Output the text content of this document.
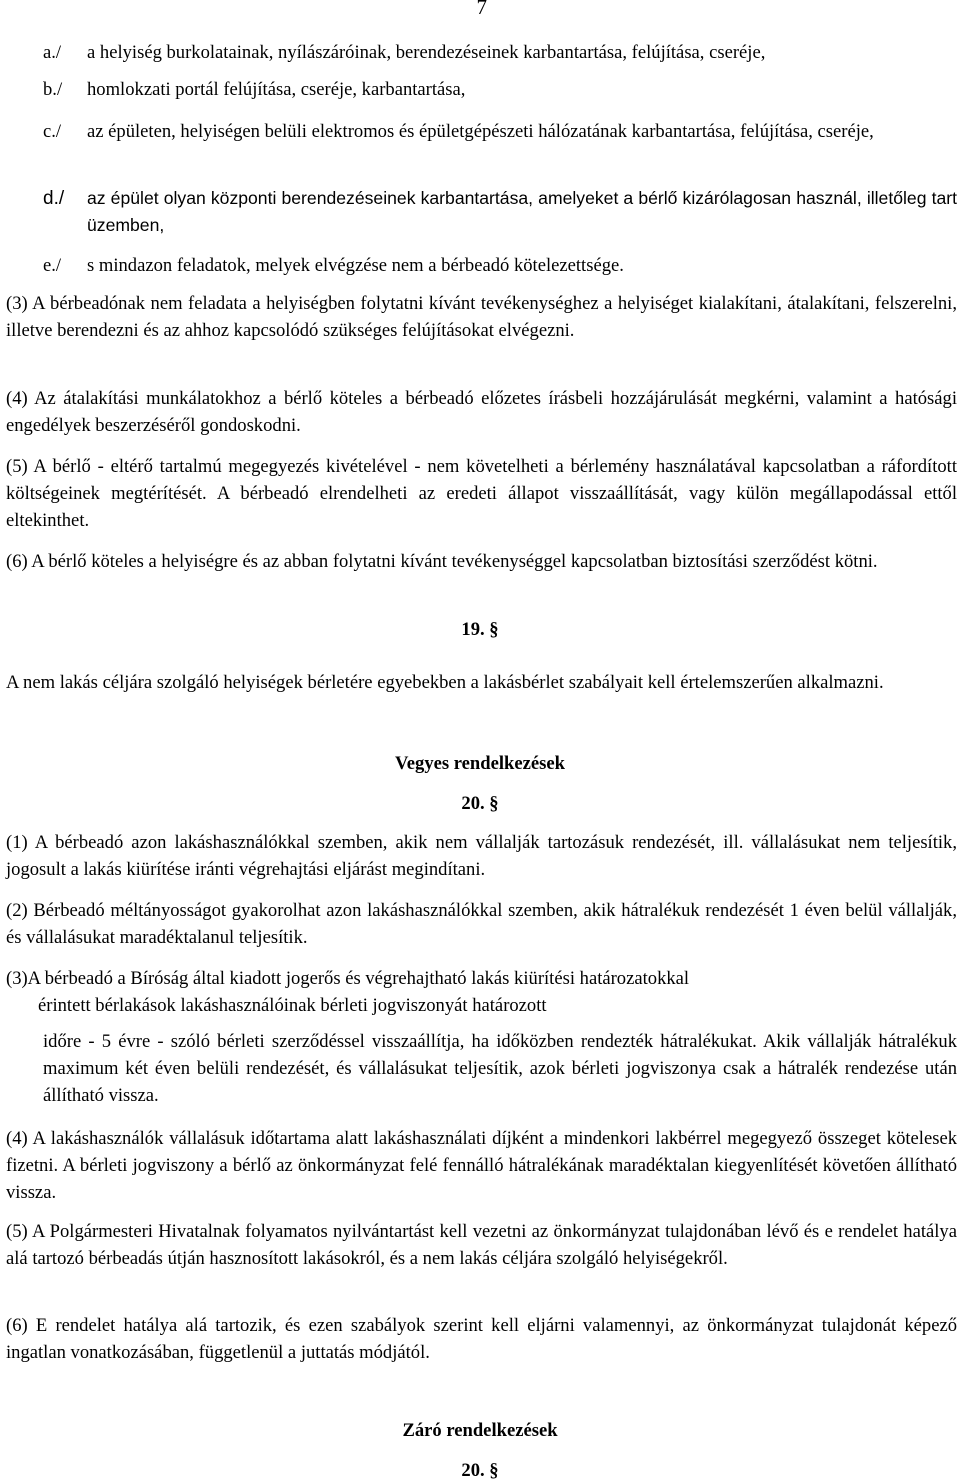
7
a./ a helyiség burkolatainak, nyílászáróinak, berendezéseinek karbantartása, felújítása, cseréje,
b./ homlokzati portál felújítása, cseréje, karbantartása,
c./ az épületen, helyiségen belüli elektromos és épületgépészeti hálózatának karbantartása, felújítása, cseréje,
d./ az épület olyan központi berendezéseinek karbantartása, amelyeket a bérlő kizárólagosan használ, illetőleg tart üzemben,
e./ s mindazon feladatok, melyek elvégzése nem a bérbeadó kötelezettsége.
(3) A bérbeadónak nem feladata a helyiségben folytatni kívánt tevékenységhez a helyiséget kialakítani, átalakítani, felszerelni, illetve berendezni és az ahhoz kapcsolódó szükséges felújításokat elvégezni.
(4) Az átalakítási munkálatokhoz a bérlő köteles a bérbeadó előzetes írásbeli hozzájárulását megkérni, valamint a hatósági engedélyek beszerzéséről gondoskodni.
(5) A bérlő - eltérő tartalmú megegyezés kivételével - nem követelheti a bérlemény használatával kapcsolatban a ráfordított költségeinek megtérítését. A bérbeadó elrendelheti az eredeti állapot visszaállítását, vagy külön megállapodással ettől eltekinthet.
(6) A bérlő köteles a helyiségre és az abban folytatni kívánt tevékenységgel kapcsolatban biztosítási szerződést kötni.
19. §
A nem lakás céljára szolgáló helyiségek bérletére egyebekben a lakásbérlet szabályait kell értelemszerűen alkalmazni.
Vegyes rendelkezések
20. §
(1) A bérbeadó azon lakáshasználókkal szemben, akik nem vállalják tartozásuk rendezését, ill. vállalásukat nem teljesítik, jogosult a lakás kiürítése iránti végrehajtási eljárást megindítani.
(2) Bérbeadó méltányosságot gyakorolhat azon lakáshasználókkal szemben, akik hátralékuk rendezését 1 éven belül vállalják, és vállalásukat maradéktalanul teljesítik.
(3)A bérbeadó a Bíróság által kiadott jogerős és végrehajtható lakás kiürítési határozatokkal
érintett bérlakások lakáshasználóinak bérleti jogviszonyát határozott
időre - 5 évre - szóló bérleti szerződéssel visszaállítja, ha időközben rendezték hátralékukat. Akik vállalják hátralékuk maximum két éven belüli rendezését, és vállalásukat teljesítik, azok bérleti jogviszonya csak a hátralék rendezése után állítható vissza.
(4) A lakáshasználók vállalásuk időtartama alatt lakáshasználati díjként a mindenkori lakbérrel megegyező összeget kötelesek fizetni. A bérleti jogviszony a bérlő az önkormányzat felé fennálló hátralékának maradéktalan kiegyenlítését követően állítható vissza.
(5) A Polgármesteri Hivatalnak folyamatos nyilvántartást kell vezetni az önkormányzat tulajdonában lévő és e rendelet hatálya alá tartozó bérbeadás útján hasznosított lakásokról, és a nem lakás céljára szolgáló helyiségekről.
(6) E rendelet hatálya alá tartozik, és ezen szabályok szerint kell eljárni valamennyi, az önkormányzat tulajdonát képező ingatlan vonatkozásában, függetlenül a juttatás módjától.
Záró rendelkezések
20. §
